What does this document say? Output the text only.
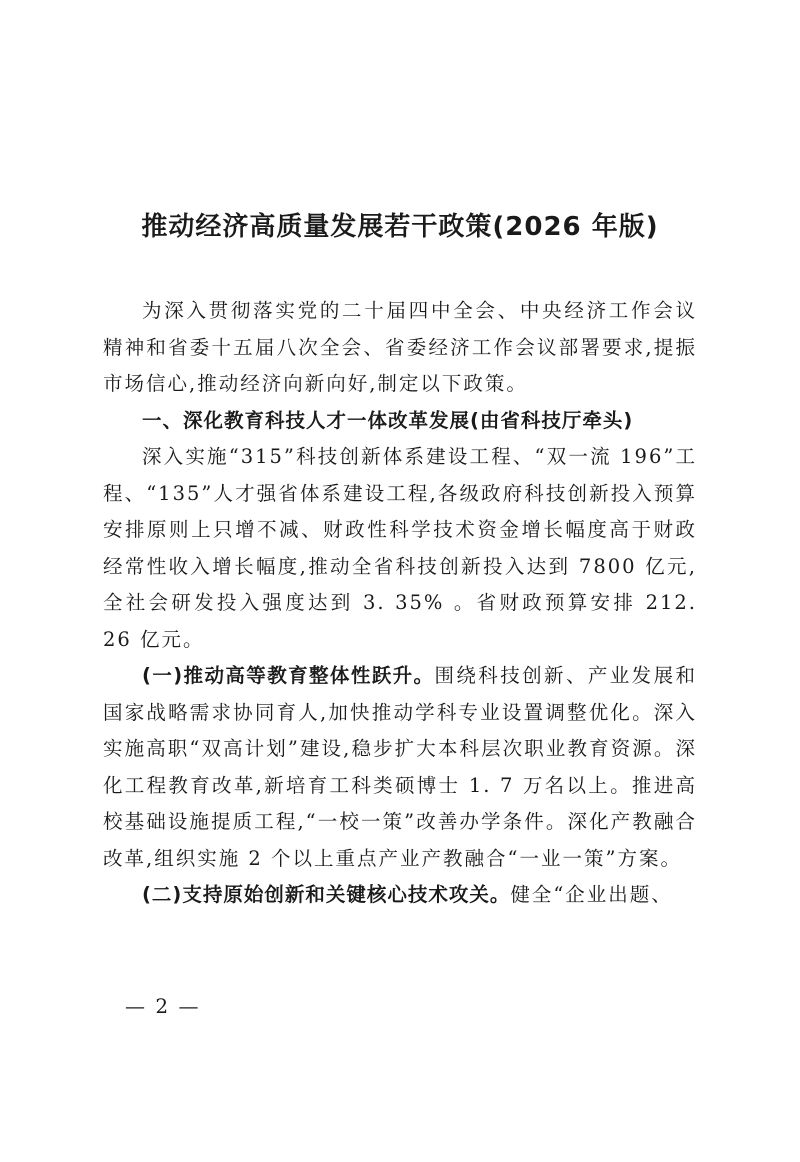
推动经济高质量发展若干政策(2026 年版)

为深入贯彻落实党的二十届四中全会、中央经济工作会议精神和省委十五届八次全会、省委经济工作会议部署要求,提振市场信心,推动经济向新向好,制定以下政策。

一、深化教育科技人才一体改革发展(由省科技厅牵头)

深入实施“315”科技创新体系建设工程、“双一流 196”工程、“135”人才强省体系建设工程,各级政府科技创新投入预算安排原则上只增不减、财政性科学技术资金增长幅度高于财政经常性收入增长幅度,推动全省科技创新投入达到 7800 亿元,全社会研发投入强度达到 3. 35% 。省财政预算安排 212. 26 亿元。

(一)推动高等教育整体性跃升。围绕科技创新、产业发展和国家战略需求协同育人,加快推动学科专业设置调整优化。深入实施高职“双高计划”建设,稳步扩大本科层次职业教育资源。深化工程教育改革,新培育工科类硕博士 1. 7 万名以上。推进高校基础设施提质工程,“一校一策”改善办学条件。深化产教融合改革,组织实施 2 个以上重点产业产教融合“一业一策”方案。

(二)支持原始创新和关键核心技术攻关。健全“企业出题、

— 2 —
